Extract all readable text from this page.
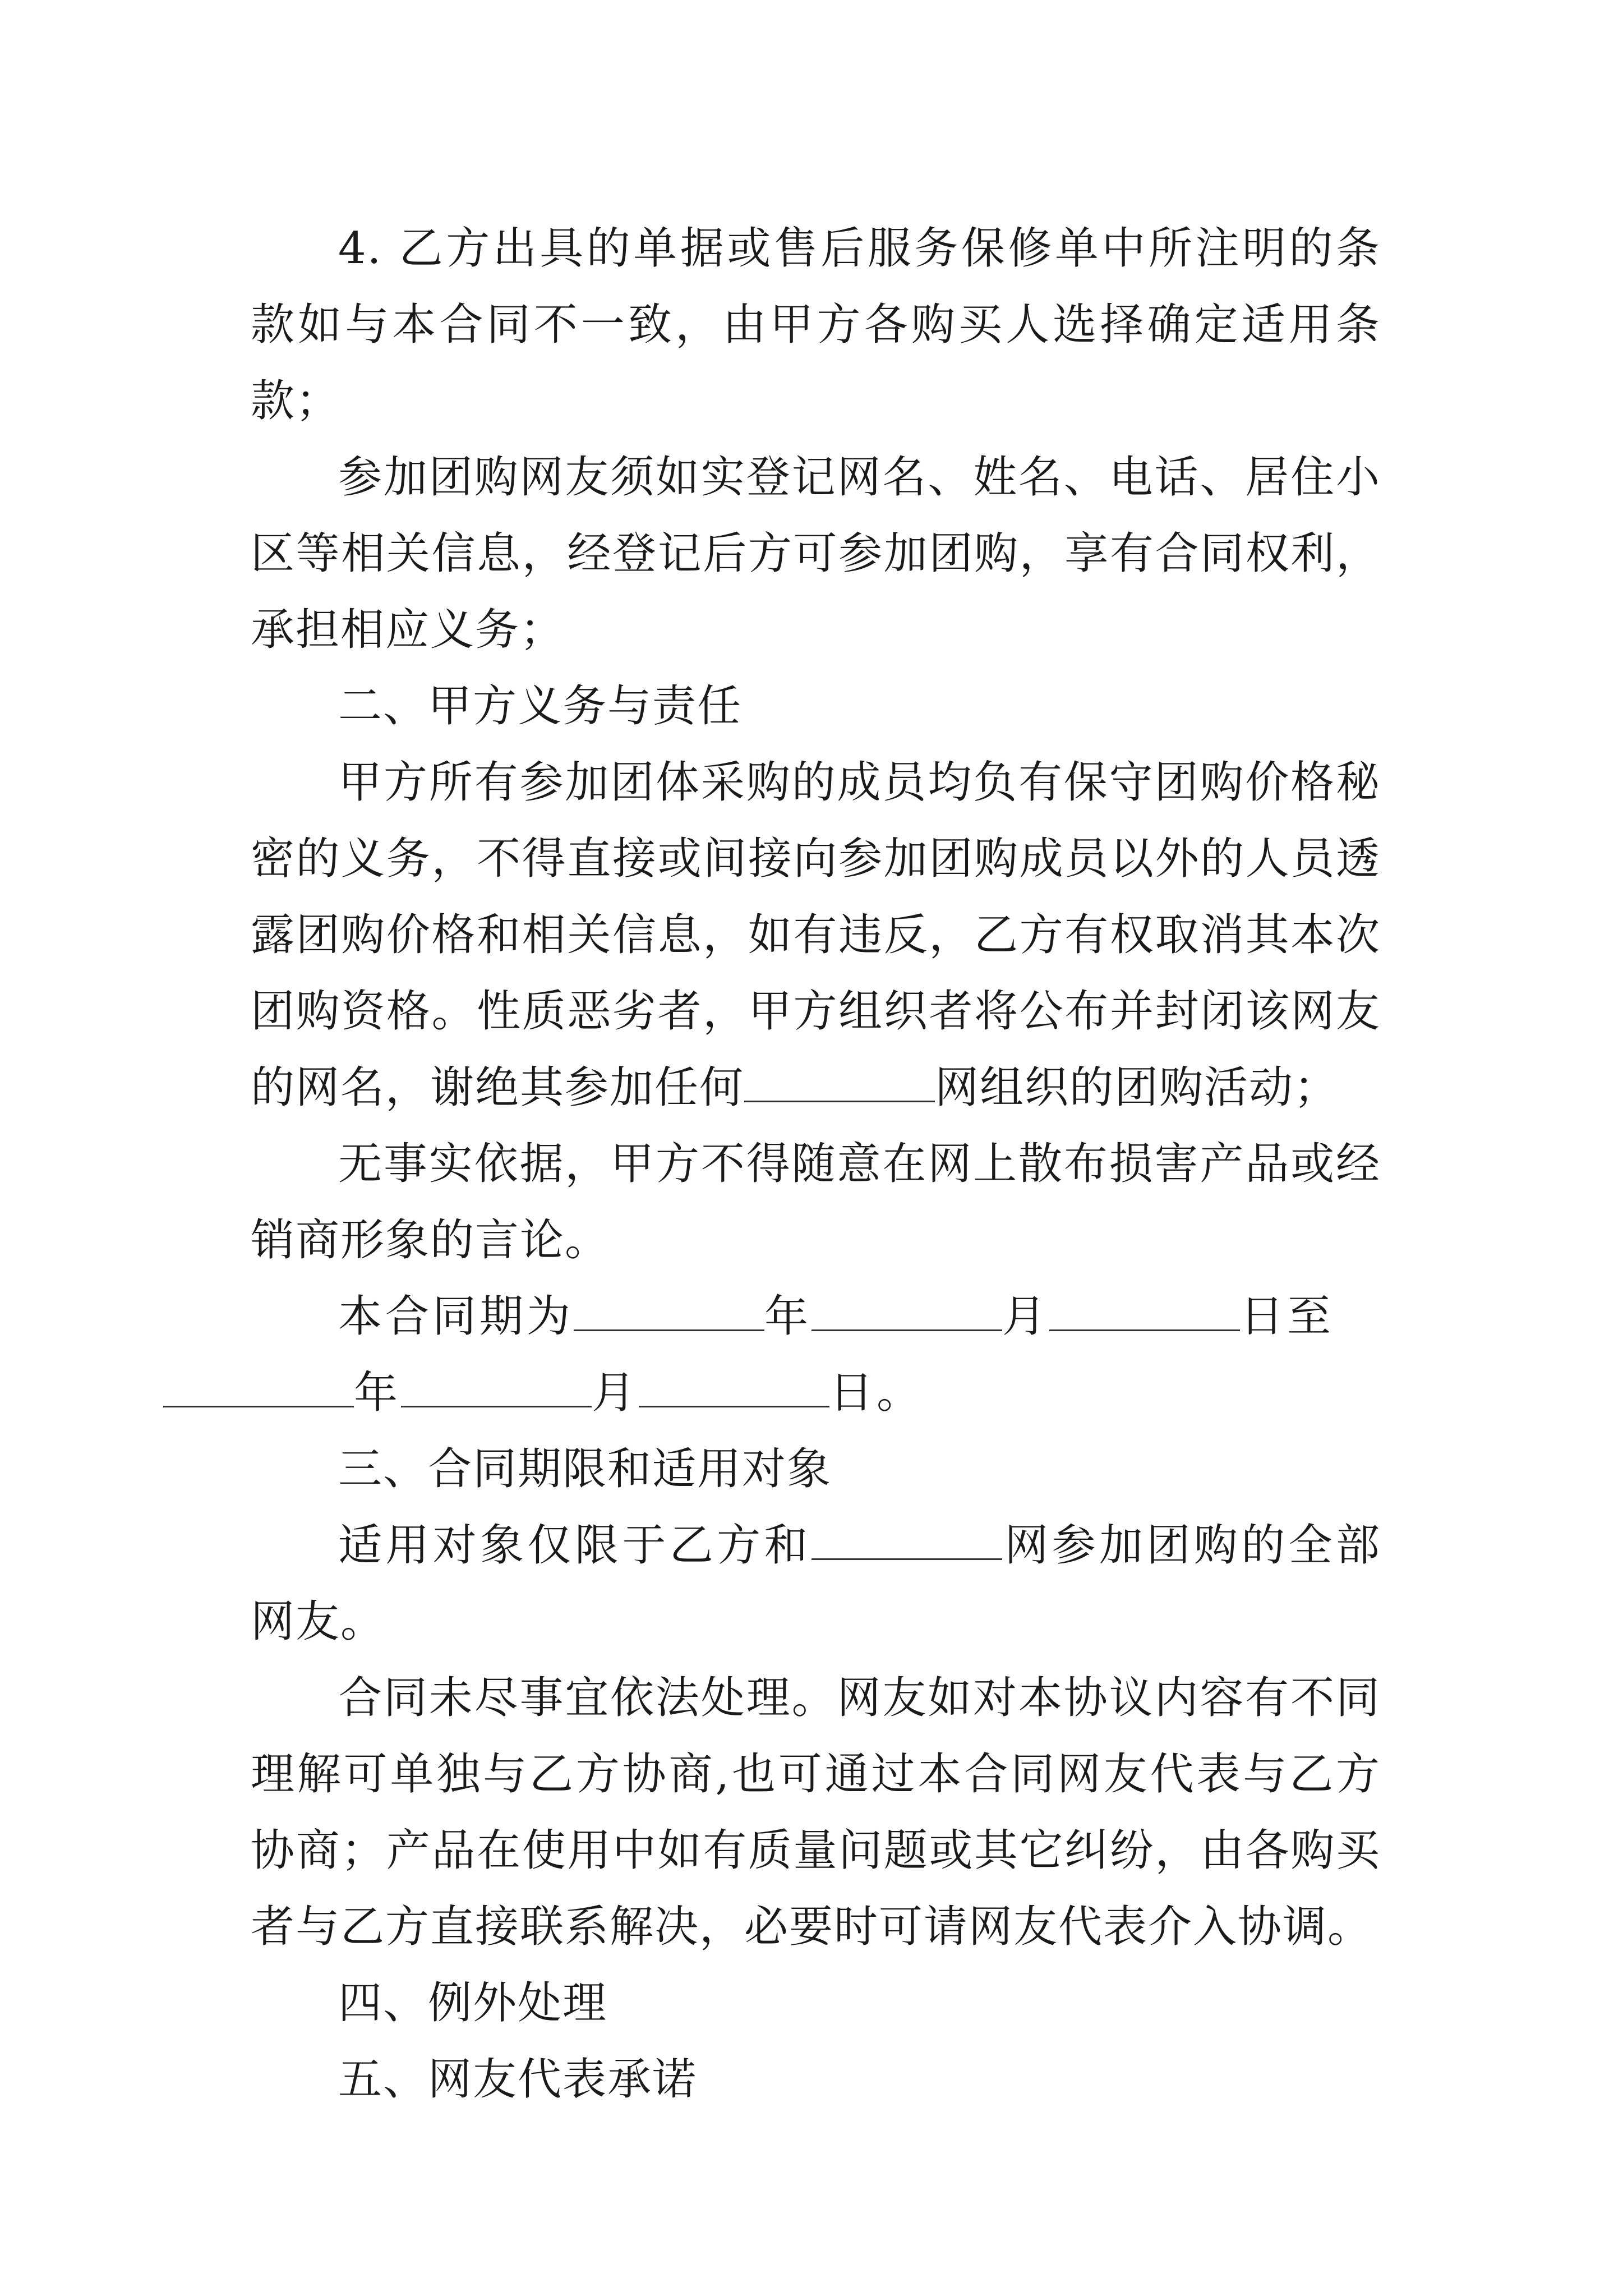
4. 乙方出具的单据或售后服务保修单中所注明的条款如与本合同不一致，由甲方各购买人选择确定适用条款；

参加团购网友须如实登记网名、姓名、电话、居住小区等相关信息，经登记后方可参加团购，享有合同权利，承担相应义务；

二、甲方义务与责任

甲方所有参加团体采购的成员均负有保守团购价格秘密的义务，不得直接或间接向参加团购成员以外的人员透露团购价格和相关信息，如有违反，乙方有权取消其本次团购资格。性质恶劣者，甲方组织者将公布并封闭该网友的网名，谢绝其参加任何	网组织的团购活动；

无事实依据，甲方不得随意在网上散布损害产品或经销商形象的言论。

本合同期为	年	月	日至
年	月	日。

三、合同期限和适用对象

适用对象仅限于乙方和	网参加团购的全部网友。

合同未尽事宜依法处理。网友如对本协议内容有不同理解可单独与乙方协商,也可通过本合同网友代表与乙方协商；产品在使用中如有质量问题或其它纠纷，由各购买者与乙方直接联系解决，必要时可请网友代表介入协调。

四、例外处理

五、网友代表承诺
